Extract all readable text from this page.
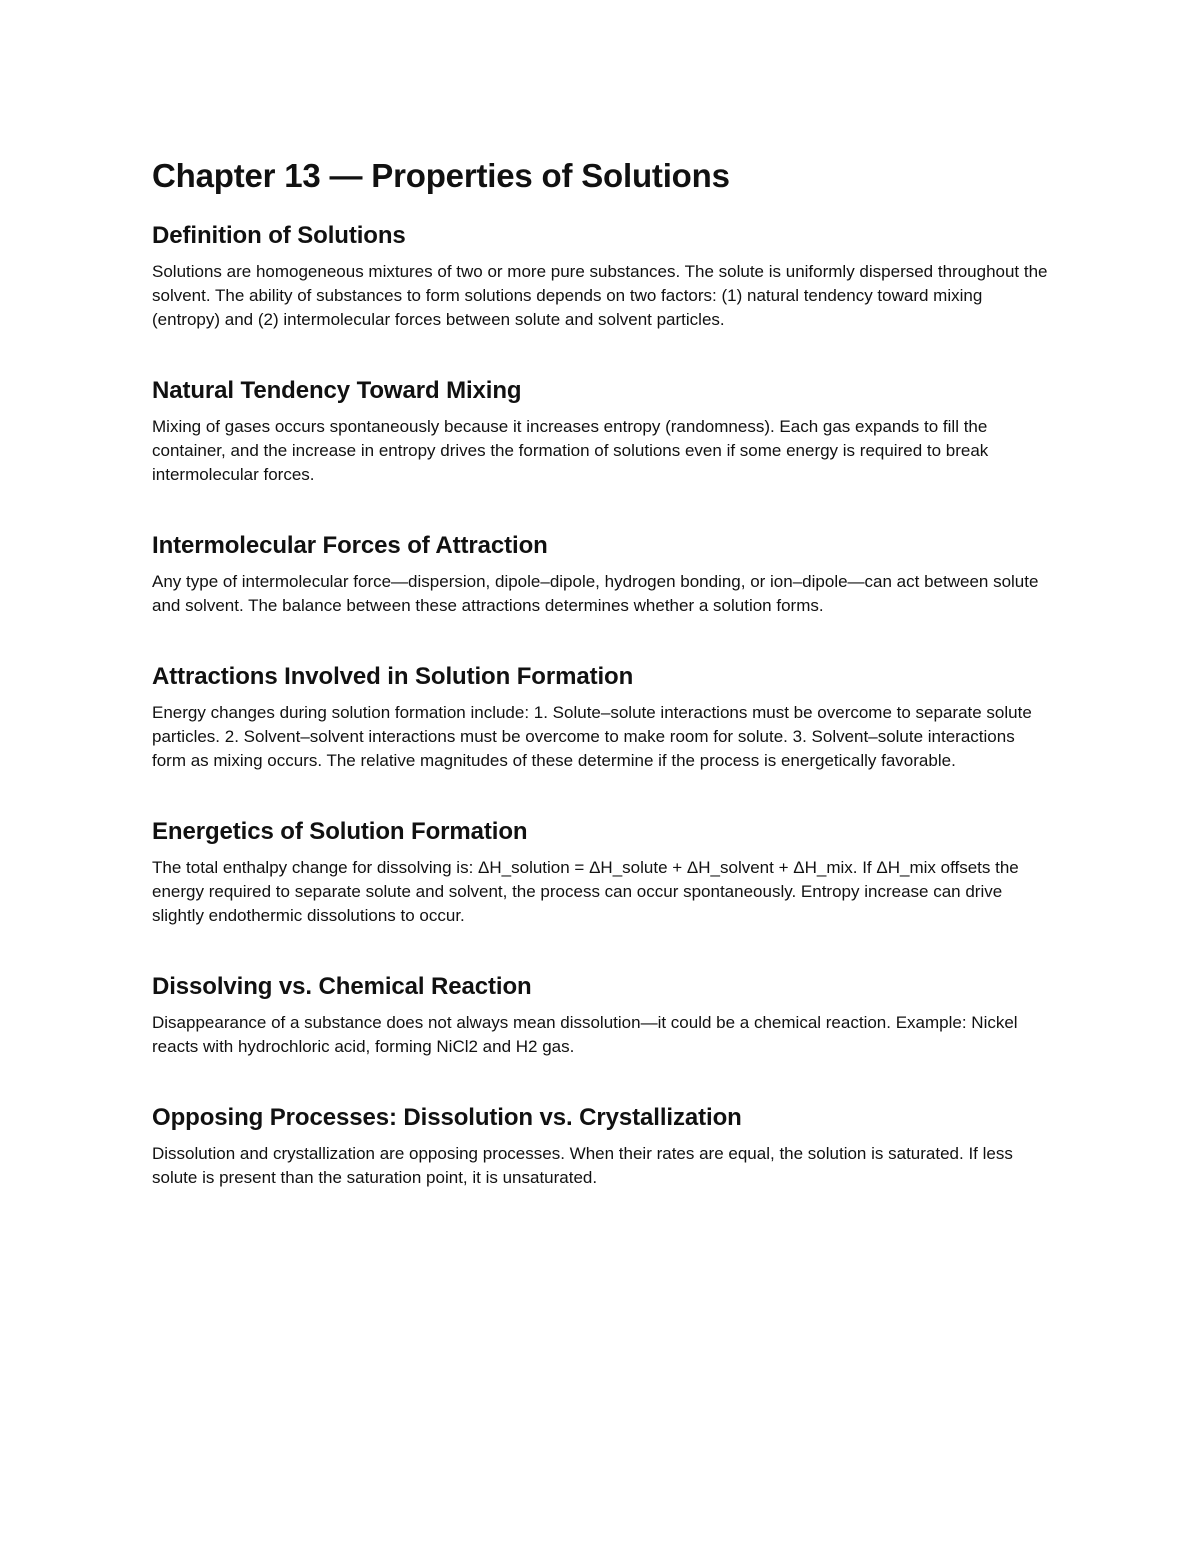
Chapter 13 — Properties of Solutions
Definition of Solutions

Solutions are homogeneous mixtures of two or more pure substances. The solute is uniformly dispersed throughout the solvent. The ability of substances to form solutions depends on two factors: (1) natural tendency toward mixing (entropy) and (2) intermolecular forces between solute and solvent particles.

Natural Tendency Toward Mixing

Mixing of gases occurs spontaneously because it increases entropy (randomness). Each gas expands to fill the container, and the increase in entropy drives the formation of solutions even if some energy is required to break intermolecular forces.

Intermolecular Forces of Attraction

Any type of intermolecular force—dispersion, dipole–dipole, hydrogen bonding, or ion–dipole—can act between solute and solvent. The balance between these attractions determines whether a solution forms.

Attractions Involved in Solution Formation

Energy changes during solution formation include: 1. Solute–solute interactions must be overcome to separate solute particles. 2. Solvent–solvent interactions must be overcome to make room for solute. 3. Solvent–solute interactions form as mixing occurs. The relative magnitudes of these determine if the process is energetically favorable.

Energetics of Solution Formation

The total enthalpy change for dissolving is: ΔH_solution = ΔH_solute + ΔH_solvent + ΔH_mix. If ΔH_mix offsets the energy required to separate solute and solvent, the process can occur spontaneously. Entropy increase can drive slightly endothermic dissolutions to occur.

Dissolving vs. Chemical Reaction

Disappearance of a substance does not always mean dissolution—it could be a chemical reaction. Example: Nickel reacts with hydrochloric acid, forming NiCl2 and H2 gas.

Opposing Processes: Dissolution vs. Crystallization

Dissolution and crystallization are opposing processes. When their rates are equal, the solution is saturated. If less solute is present than the saturation point, it is unsaturated.
